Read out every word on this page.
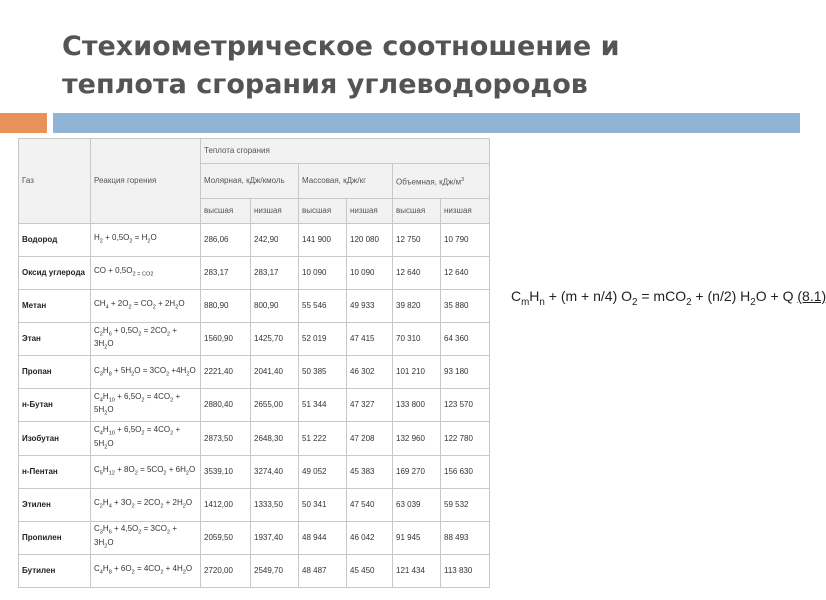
Стехиометрическое соотношение и
теплота сгорания углеводородов
Газ	Реакция горения	Теплота сгорания					
		Молярная, кДж/кмоль		Массовая, кДж/кг		Объемная, кДж/$м^3$
		высшая	низшая	высшая	низшая	высшая	низшая
Водород	$H_2 + 0,5O_2 = H_2O$	286,06	242,90	141 900	120 080	12 750	10 790
Оксид углерода	CO + $0,5O_{2 = CO2}$	283,17	283,17	10 090	10 090	12 640	12 640
Метан	$CH_4 + 2O_2 = CO_2 + 2H_2O$	880,90	800,90	55 546	49 933	39 820	35 880
Этан	$C_2H_6 + 0,5O_2 = 2CO_2 + 3H_2O$	1560,90	1425,70	52 019	47 415	70 310	64 360
Пропан	$C_3H_8 + 5H_2O = 3CO_2 +4H_2O$	2221,40	2041,40	50 385	46 302	101 210	93 180
н-Бутан	$C_4H_{10} + 6,5O_2 = 4CO_2 + 5H_2O$	2880,40	2655,00	51 344	47 327	133 800	123 570
Изобутан	$C_4H_{10} + 6,5O_2 = 4CO_2 + 5H_2O$	2873,50	2648,30	51 222	47 208	132 960	122 780
н-Пентан	$C_5H_{12} + 8O_2 = 5CO_2 + 6H_2O$	3539,10	3274,40	49 052	45 383	169 270	156 630
Этилен	$C_2H_4 + 3O_2 = 2CO_2 + 2H_2O$	1412,00	1333,50	50 341	47 540	63 039	59 532
Пропилен	$C_3H_6 + 4,5O_2 = 3CO_2 + 3H_2O$	2059,50	1937,40	48 944	46 042	91 945	88 493
Бутилен	$C_4H_8 + 6O_2 = 4CO_2 + 4H_2O$	2720,00	2549,70	48 487	45 450	121 434	113 830
$C_mH_n + (m + n/4) O_2 = mCO_2 + (n/2) H_2O + Q$ (8.1)
